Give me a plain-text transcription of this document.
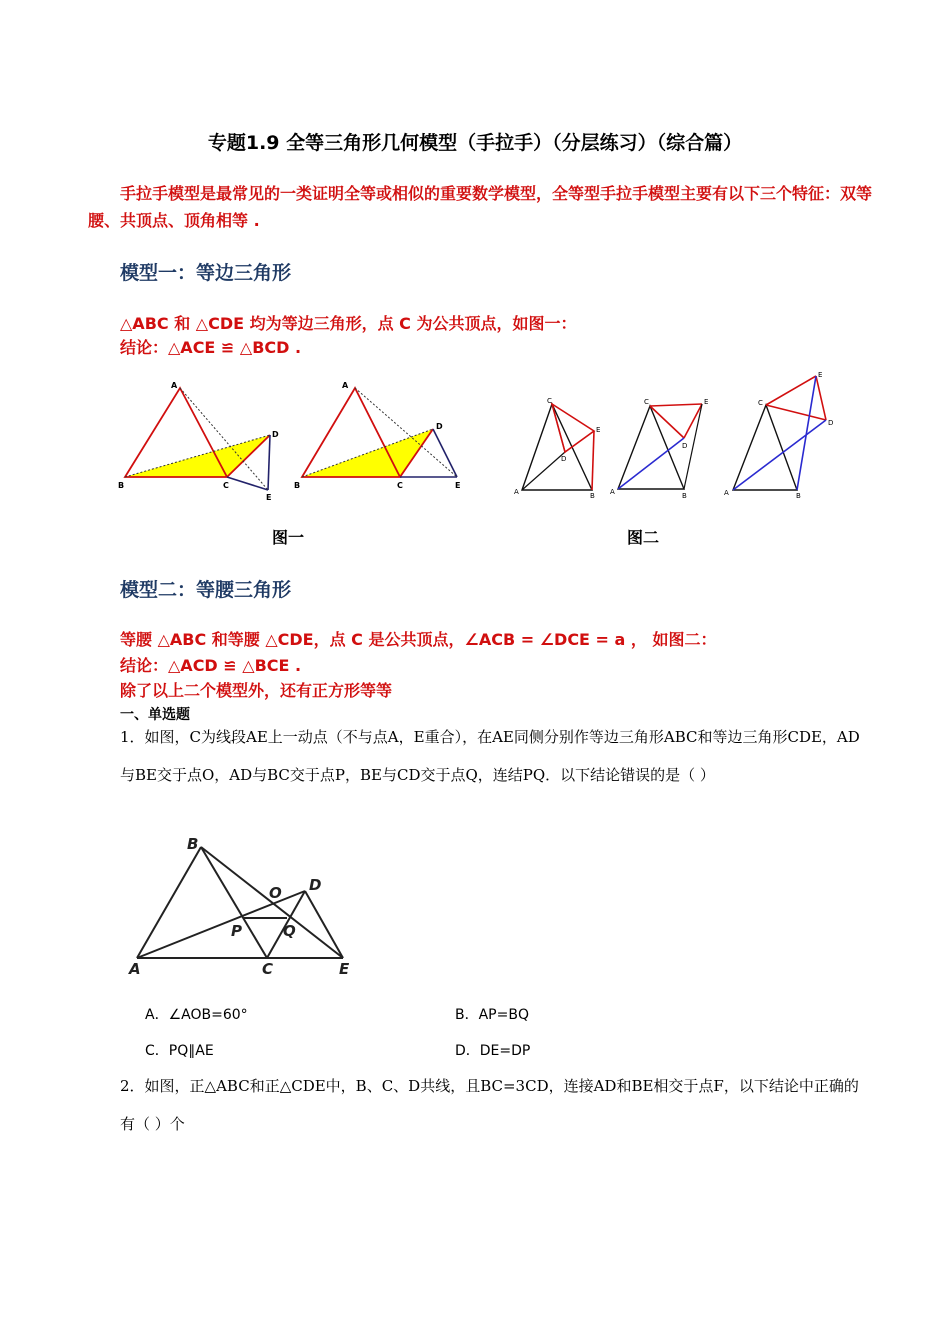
专题1.9 全等三角形几何模型（手拉手）（分层练习）（综合篇）
手拉手模型是最常见的一类证明全等或相似的重要数学模型，全等型手拉手模型主要有以下三个特征：双等腰、共顶点、顶角相等 .
模型一：等边三角形
△ABC 和 △CDE 均为等边三角形，点 C 为公共顶点，如图一：
结论：△ACE ≌ △BCD .
A
B	C
D
E
A
B	C
D
E
C
E
D
A	B
C	E
D
A	B
C
E
D
A	B
图一	图二
模型二：等腰三角形
等腰 △ABC 和等腰 △CDE，点 C 是公共顶点，∠ACB = ∠DCE = a ， 如图二：
结论：△ACD ≌ △BCE .
除了以上二个模型外，还有正方形等等
一、单选题
1．如图，C为线段AE上一动点（不与点A，E重合），在AE同侧分别作等边三角形ABC和等边三角形CDE，AD与BE交于点O，AD与BC交于点P，BE与CD交于点Q，连结PQ．以下结论错误的是（ ）
B
O D
P	Q
A	C	E
A．∠AOB=60°	B．AP=BQ
C．PQ∥AE	D．DE=DP
2．如图，正△ABC和正△CDE中，B、C、D共线，且BC=3CD，连接AD和BE相交于点F，以下结论中正确的有（ ）个
